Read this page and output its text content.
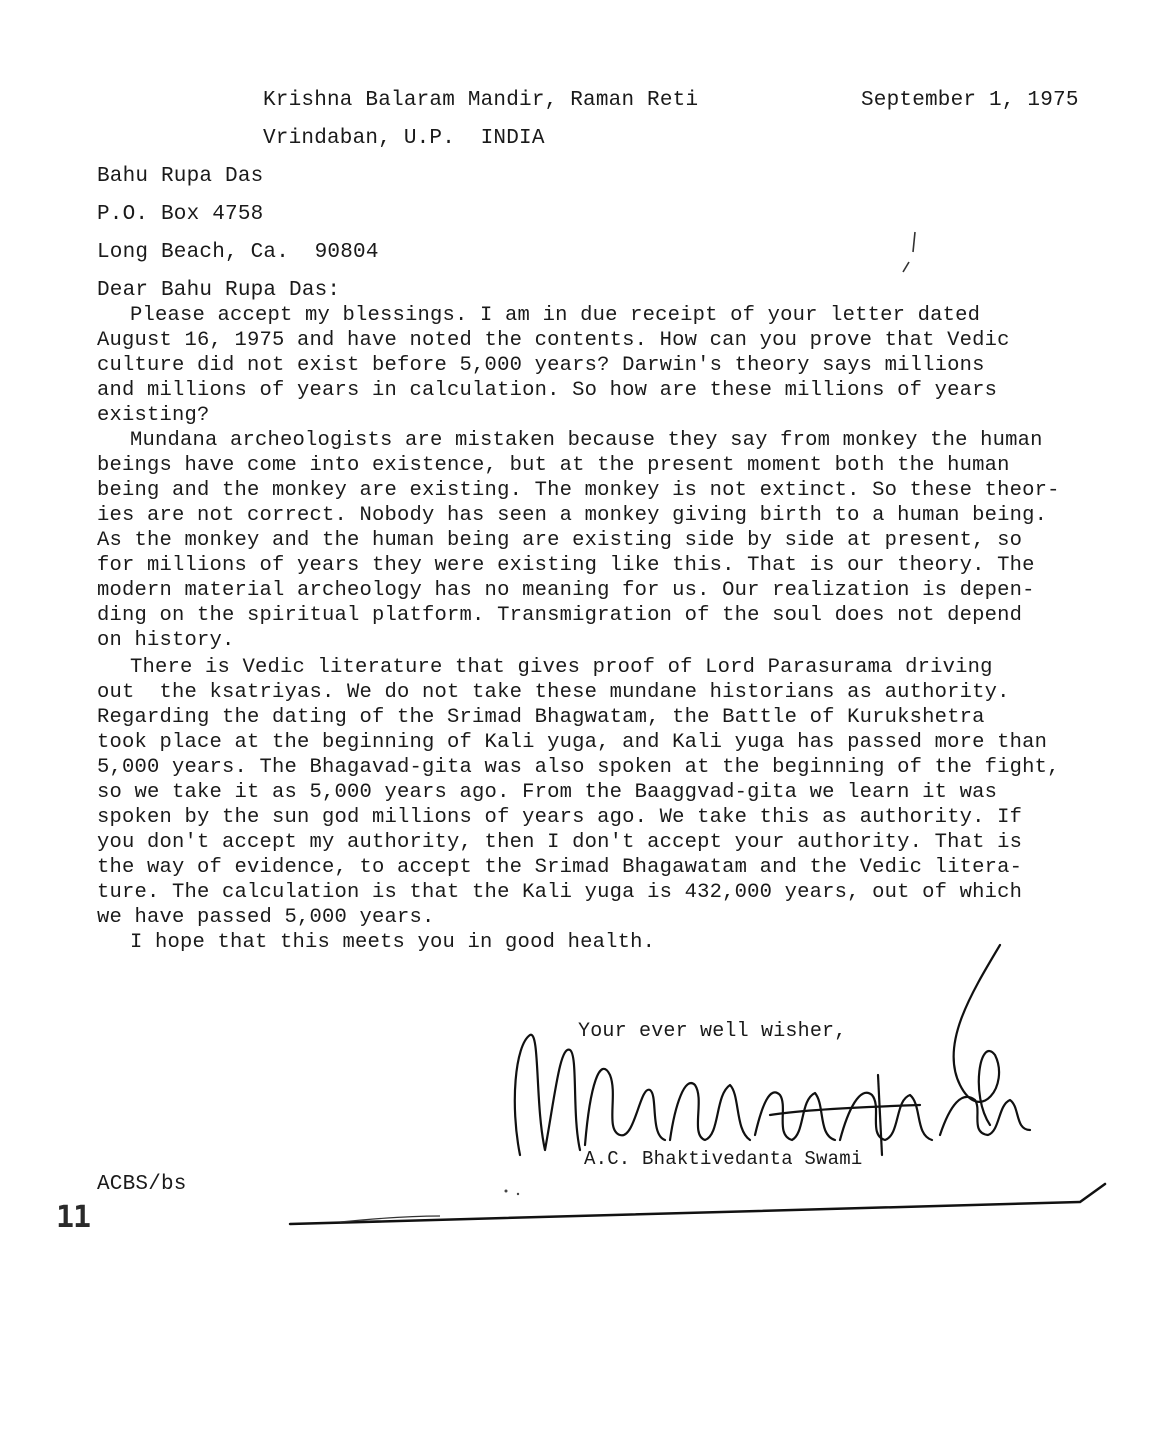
Krishna Balaram Mandir, Raman Reti	September 1, 1975
Vrindaban, U.P.  INDIA
Bahu Rupa Das
P.O. Box 4758
Long Beach, Ca.  90804
Dear Bahu Rupa Das:
Please accept my blessings. I am in due receipt of your letter dated
August 16, 1975 and have noted the contents. How can you prove that Vedic
culture did not exist before 5,000 years? Darwin's theory says millions
and millions of years in calculation. So how are these millions of years
existing?
Mundana archeologists are mistaken because they say from monkey the human
beings have come into existence, but at the present moment both the human
being and the monkey are existing. The monkey is not extinct. So these theor-
ies are not correct. Nobody has seen a monkey giving birth to a human being.
As the monkey and the human being are existing side by side at present, so
for millions of years they were existing like this. That is our theory. The
modern material archeology has no meaning for us. Our realization is depen-
ding on the spiritual platform. Transmigration of the soul does not depend
on history.
There is Vedic literature that gives proof of Lord Parasurama driving
out  the ksatriyas. We do not take these mundane historians as authority.
Regarding the dating of the Srimad Bhagwatam, the Battle of Kurukshetra
took place at the beginning of Kali yuga, and Kali yuga has passed more than
5,000 years. The Bhagavad-gita was also spoken at the beginning of the fight,
so we take it as 5,000 years ago. From the Baaggvad-gita we learn it was
spoken by the sun god millions of years ago. We take this as authority. If
you don't accept my authority, then I don't accept your authority. That is
the way of evidence, to accept the Srimad Bhagawatam and the Vedic litera-
ture. The calculation is that the Kali yuga is 432,000 years, out of which
we have passed 5,000 years.
I hope that this meets you in good health.
Your ever well wisher,
A.C. Bhaktivedanta Swami
ACBS/bs
11
